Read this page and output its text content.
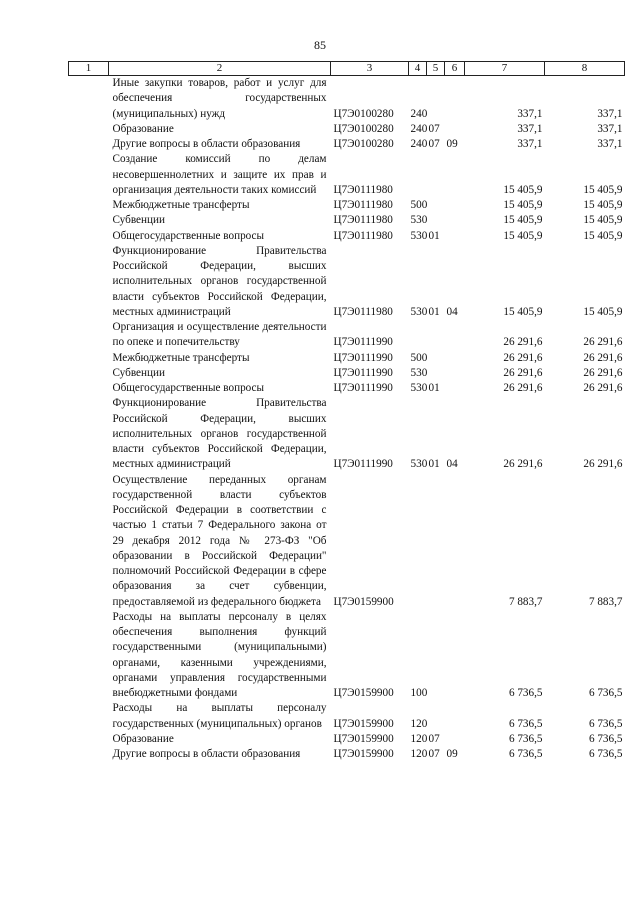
85
1	2	3	4	5	6	7	8
	Иные закупки товаров, работ и услуг для обеспечения государственных (муниципальных) нужд	Ц7Э0100280	240			337,1	337,1
	Образование	Ц7Э0100280	240	07		337,1	337,1
	Другие вопросы в области образования	Ц7Э0100280	240	07	09	337,1	337,1
	Создание комиссий по делам несовершеннолетних и защите их прав и организация деятельности таких комиссий	Ц7Э0111980				15 405,9	15 405,9
	Межбюджетные трансферты	Ц7Э0111980	500			15 405,9	15 405,9
	Субвенции	Ц7Э0111980	530			15 405,9	15 405,9
	Общегосударственные вопросы	Ц7Э0111980	530	01		15 405,9	15 405,9
	Функционирование Правительства Российской Федерации, высших исполнительных органов государственной власти субъектов Российской Федерации, местных администраций	Ц7Э0111980	530	01	04	15 405,9	15 405,9
	Организация и осуществление деятельности по опеке и попечительству	Ц7Э0111990				26 291,6	26 291,6
	Межбюджетные трансферты	Ц7Э0111990	500			26 291,6	26 291,6
	Субвенции	Ц7Э0111990	530			26 291,6	26 291,6
	Общегосударственные вопросы	Ц7Э0111990	530	01		26 291,6	26 291,6
	Функционирование Правительства Российской Федерации, высших исполнительных органов государственной власти субъектов Российской Федерации, местных администраций	Ц7Э0111990	530	01	04	26 291,6	26 291,6
	Осуществление переданных органам государственной власти субъектов Российской Федерации в соответствии с частью 1 статьи 7 Федерального закона от 29 декабря 2012 года № 273-ФЗ "Об образовании в Российской Федерации" полномочий Российской Федерации в сфере образования за счет субвенции, предоставляемой из федерального бюджета	Ц7Э0159900				7 883,7	7 883,7
	Расходы на выплаты персоналу в целях обеспечения выполнения функций государственными (муниципальными) органами, казенными учреждениями, органами управления государственными внебюджетными фондами	Ц7Э0159900	100			6 736,5	6 736,5
	Расходы на выплаты персоналу государственных (муниципальных) органов	Ц7Э0159900	120			6 736,5	6 736,5
	Образование	Ц7Э0159900	120	07		6 736,5	6 736,5
	Другие вопросы в области образования	Ц7Э0159900	120	07	09	6 736,5	6 736,5
